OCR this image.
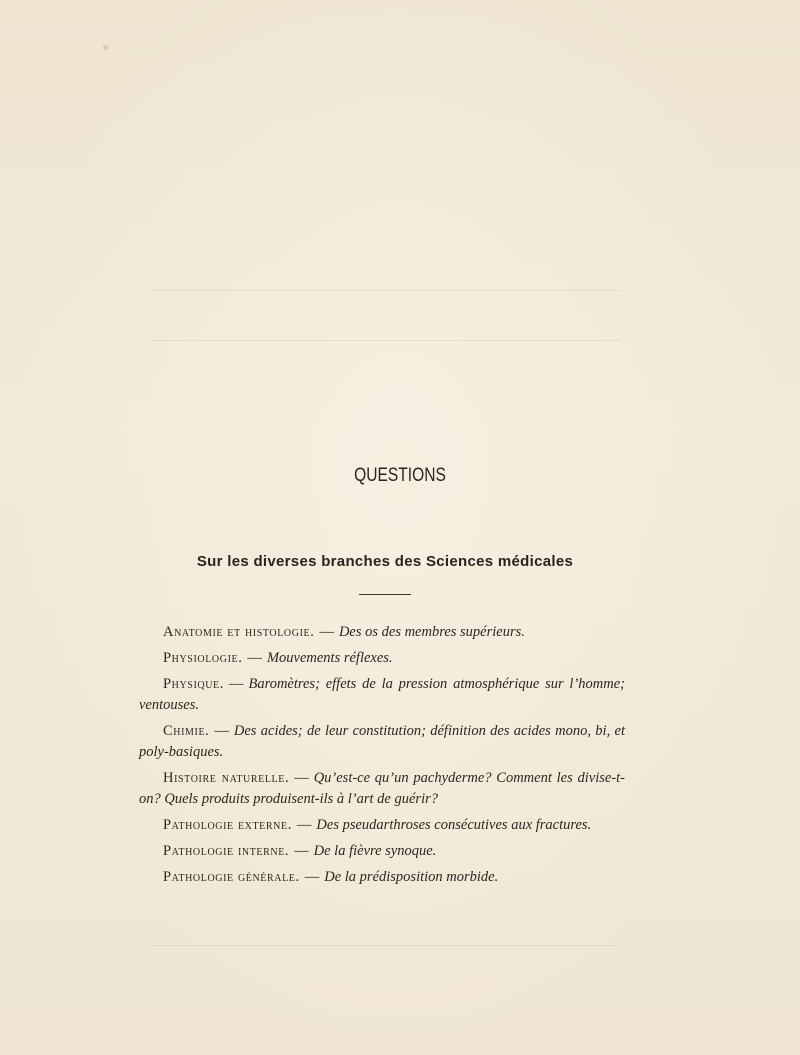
QUESTIONS
Sur les diverses branches des Sciences médicales

Anatomie et histologie. — Des os des membres supérieurs.

Physiologie. — Mouvements réflexes.

Physique. — Baromètres; effets de la pression atmosphérique sur l’homme; ventouses.

Chimie. — Des acides; de leur constitution; définition des acides mono, bi, et poly-basiques.

Histoire naturelle. — Qu’est-ce qu’un pachyderme? Comment les divise-t-on? Quels produits produisent-ils à l’art de guérir?

Pathologie externe. — Des pseudarthroses consécutives aux fractures.

Pathologie interne. — De la fièvre synoque.

Pathologie générale. — De la prédisposition morbide.
